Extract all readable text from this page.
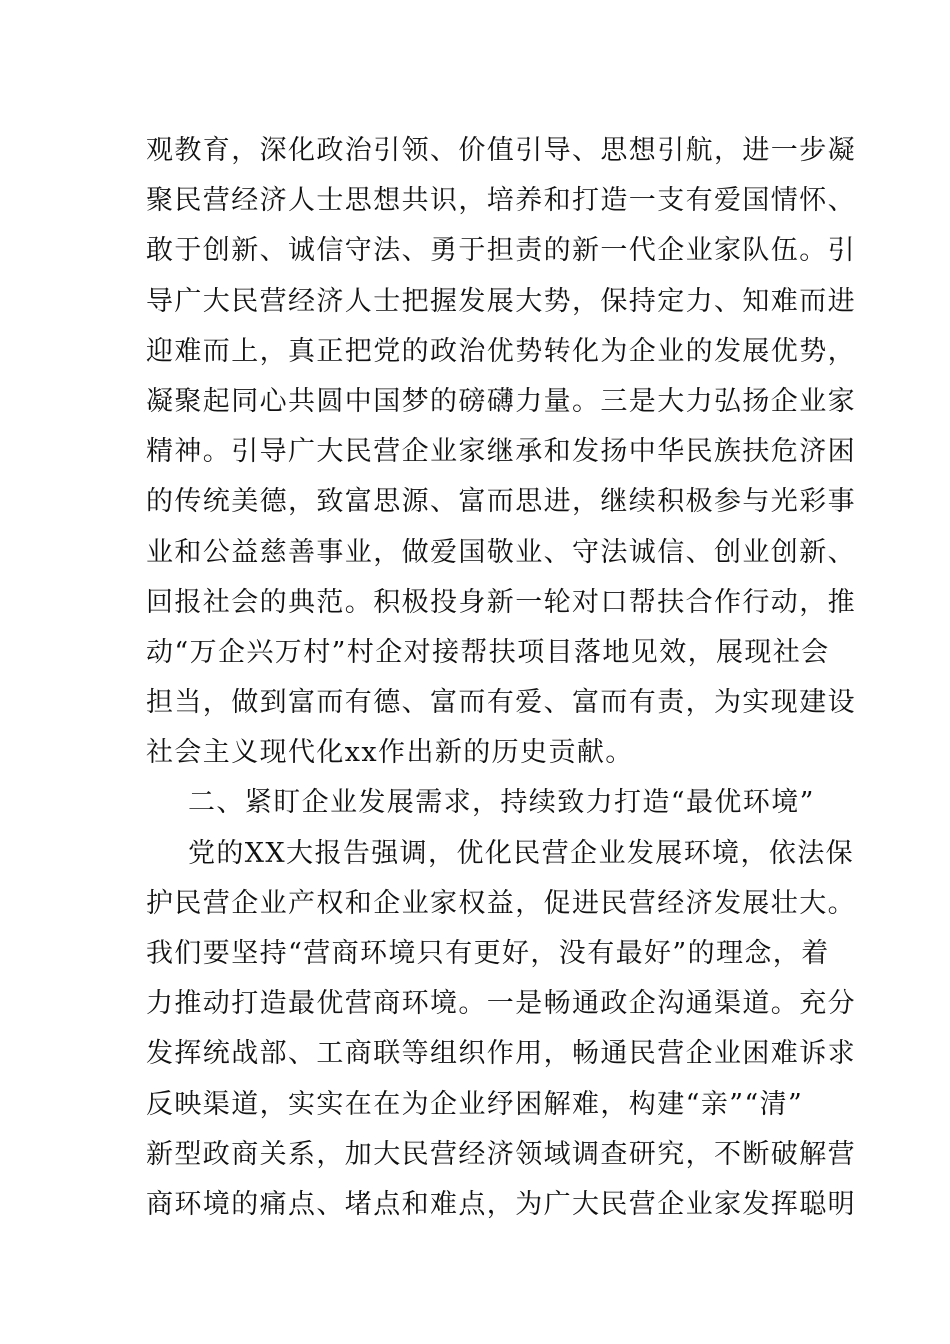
观教育，深化政治引领、价值引导、思想引航，进一步凝
聚民营经济人士思想共识，培养和打造一支有爱国情怀、
敢于创新、诚信守法、勇于担责的新一代企业家队伍。引
导广大民营经济人士把握发展大势，保持定力、知难而进
迎难而上，真正把党的政治优势转化为企业的发展优势，
凝聚起同心共圆中国梦的磅礴力量。三是大力弘扬企业家
精神。引导广大民营企业家继承和发扬中华民族扶危济困
的传统美德，致富思源、富而思进，继续积极参与光彩事
业和公益慈善事业，做爱国敬业、守法诚信、创业创新、
回报社会的典范。积极投身新一轮对口帮扶合作行动，推
动“万企兴万村”村企对接帮扶项目落地见效，展现社会
担当，做到富而有德、富而有爱、富而有责，为实现建设
社会主义现代化xx作出新的历史贡献。
二、紧盯企业发展需求，持续致力打造“最优环境”
党的XX大报告强调，优化民营企业发展环境，依法保
护民营企业产权和企业家权益，促进民营经济发展壮大。
我们要坚持“营商环境只有更好，没有最好”的理念，着
力推动打造最优营商环境。一是畅通政企沟通渠道。充分
发挥统战部、工商联等组织作用，畅通民营企业困难诉求
反映渠道，实实在在为企业纾困解难，构建“亲”“清”
新型政商关系，加大民营经济领域调查研究，不断破解营
商环境的痛点、堵点和难点，为广大民营企业家发挥聪明
